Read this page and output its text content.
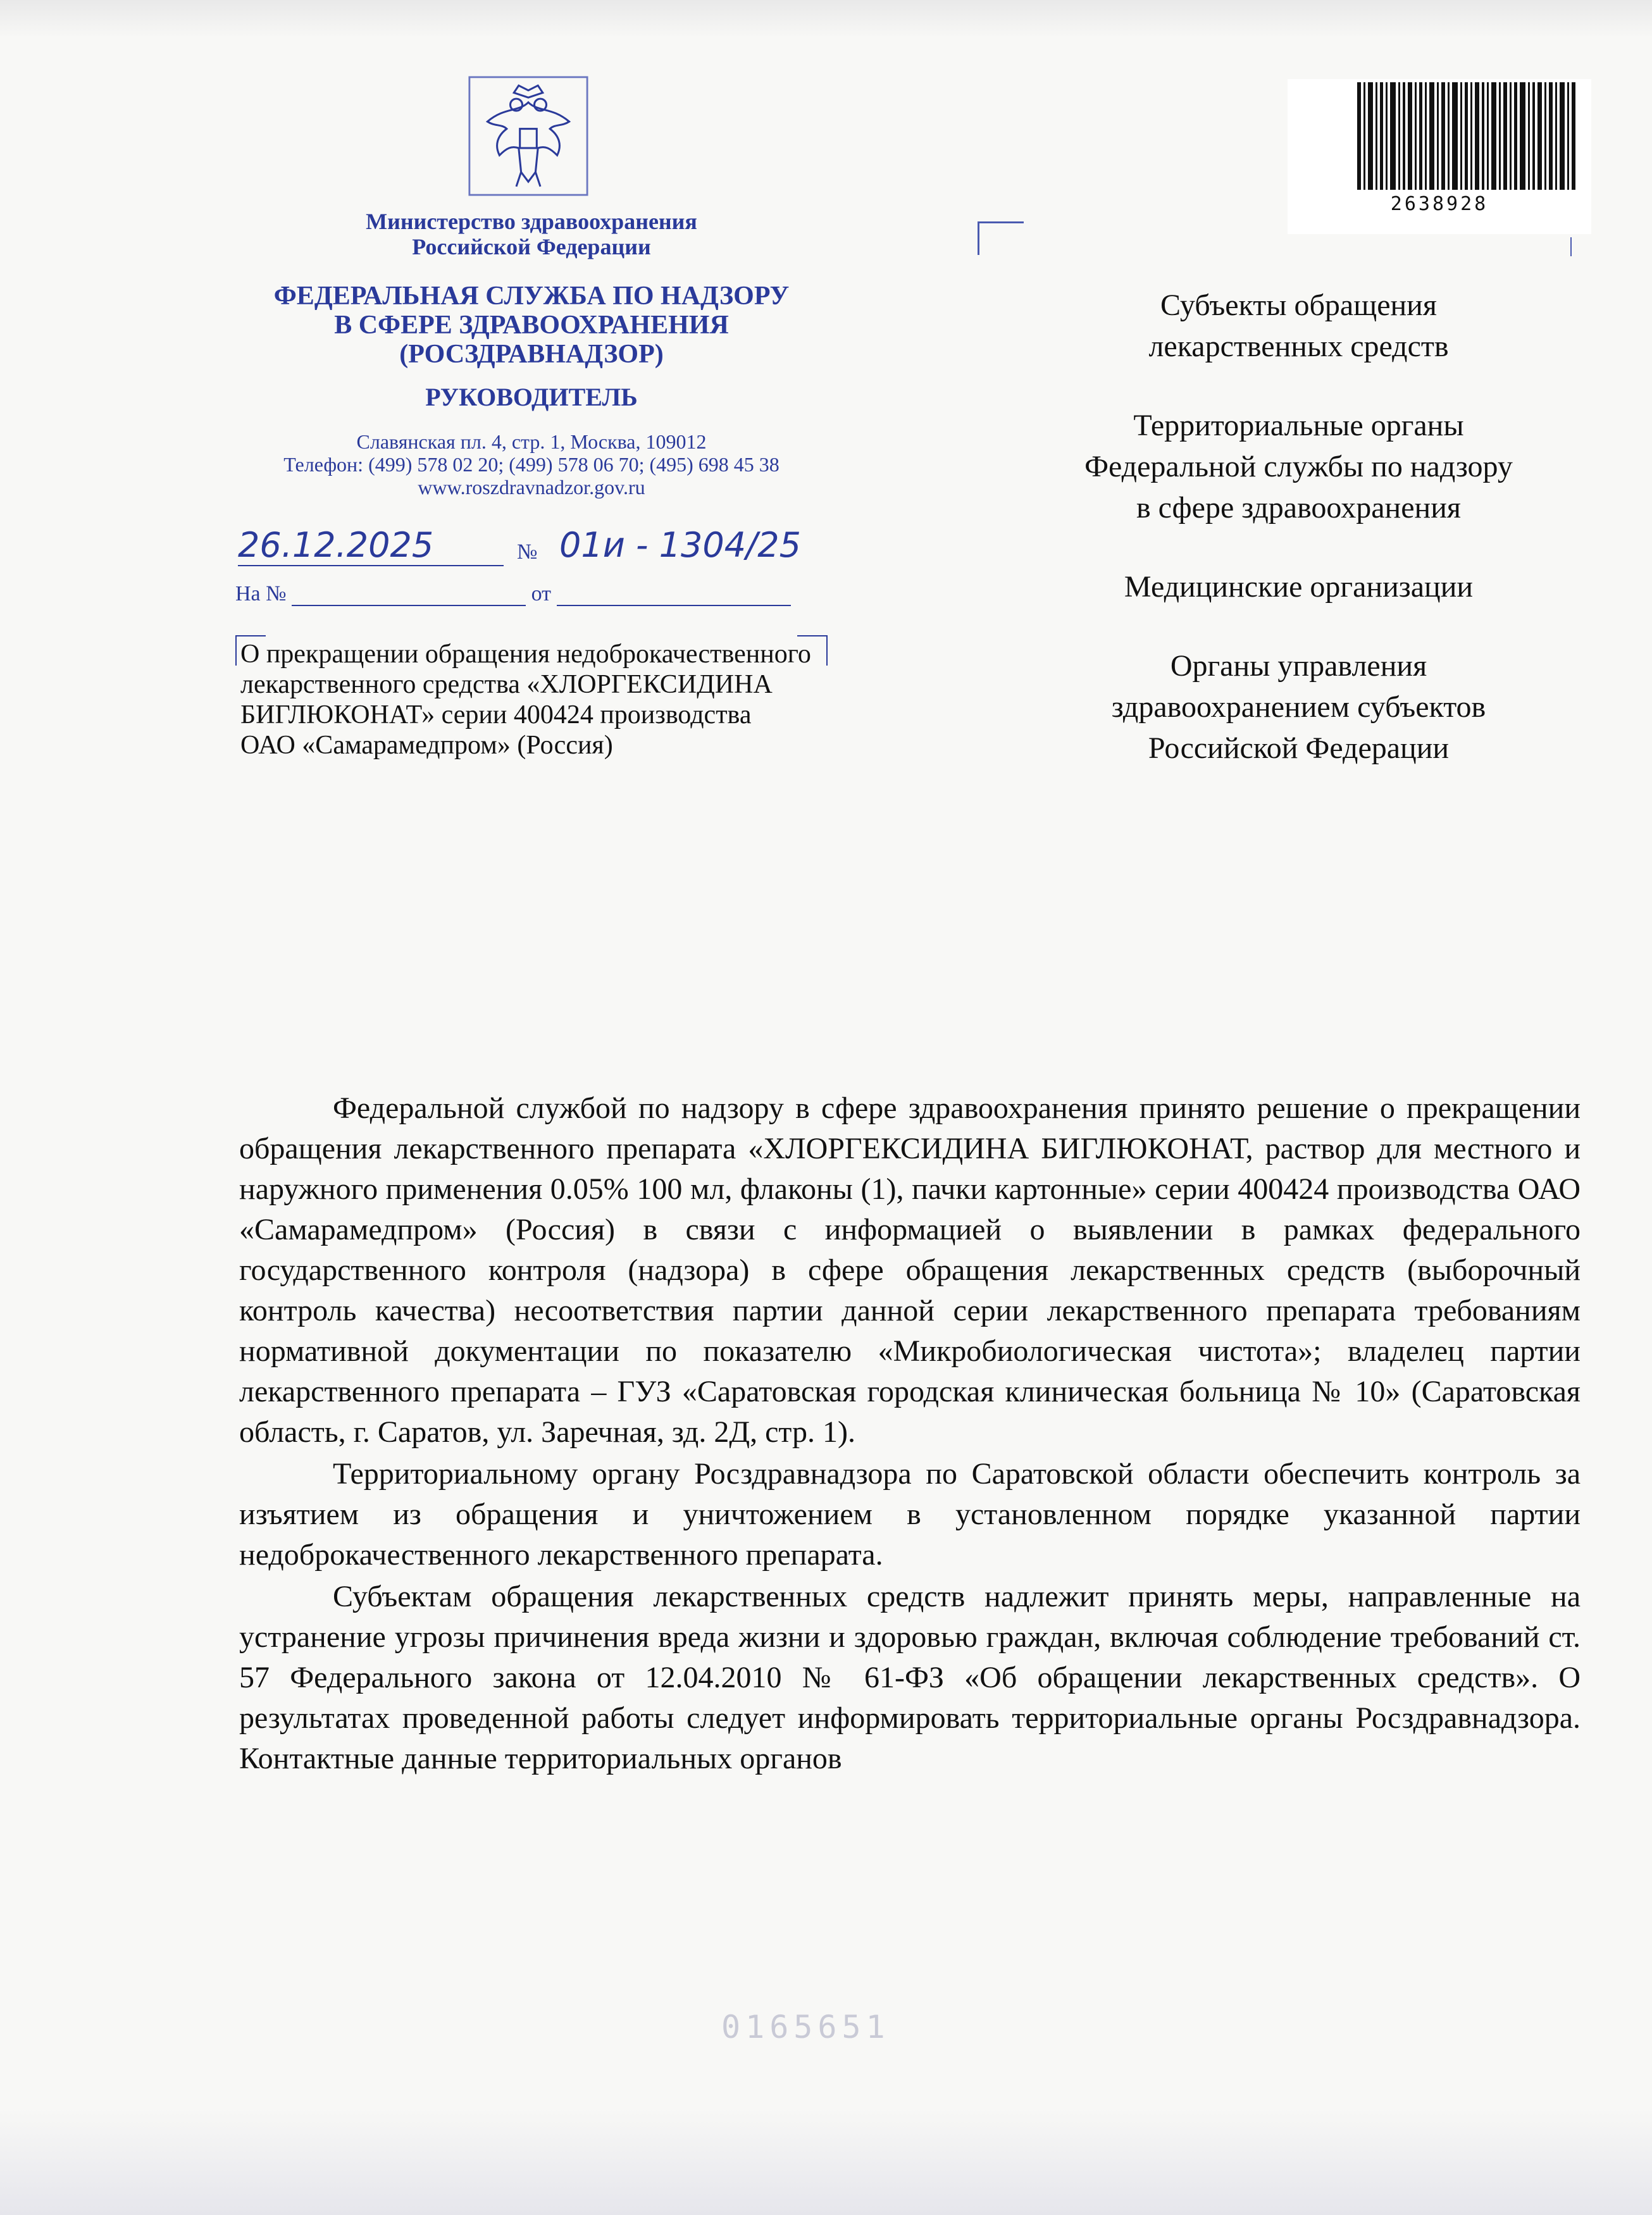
Министерство здравоохранения
Российской Федерации
ФЕДЕРАЛЬНАЯ СЛУЖБА ПО НАДЗОРУ
В СФЕРЕ ЗДРАВООХРАНЕНИЯ
(РОСЗДРАВНАДЗОР)
РУКОВОДИТЕЛЬ
Славянская пл. 4, стр. 1, Москва, 109012
Телефон: (499) 578 02 20; (499) 578 06 70; (495) 698 45 38
www.roszdravnadzor.gov.ru
26.12.2025	№ 01и - 1304/25
На №	от
О прекращении обращения недоброкачественного
лекарственного средства «ХЛОРГЕКСИДИНА
БИГЛЮКОНАТ» серии 400424 производства
ОАО «Самарамедпром» (Россия)
2638928
Субъекты обращения
лекарственных средств
Территориальные органы
Федеральной службы по надзору
в сфере здравоохранения
Медицинские организации
Органы управления
здравоохранением субъектов
Российской Федерации

Федеральной службой по надзору в сфере здравоохранения принято решение о прекращении обращения лекарственного препарата «ХЛОРГЕКСИДИНА БИГЛЮКОНАТ, раствор для местного и наружного применения 0.05% 100 мл, флаконы (1), пачки картонные» серии 400424 производства ОАО «Самарамедпром» (Россия) в связи с информацией о выявлении в рамках федерального государственного контроля (надзора) в сфере обращения лекарственных средств (выборочный контроль качества) несоответствия партии данной серии лекарственного препарата требованиям нормативной документации по показателю «Микробиологическая чистота»; владелец партии лекарственного препарата – ГУЗ «Саратовская городская клиническая больница № 10» (Саратовская область, г. Саратов, ул. Заречная, зд. 2Д, стр. 1).

Территориальному органу Росздравнадзора по Саратовской области обеспечить контроль за изъятием из обращения и уничтожением в установленном порядке указанной партии недоброкачественного лекарственного препарата.

Субъектам обращения лекарственных средств надлежит принять меры, направленные на устранение угрозы причинения вреда жизни и здоровью граждан, включая соблюдение требований ст. 57 Федерального закона от 12.04.2010 № 61-ФЗ «Об обращении лекарственных средств». О результатах проведенной работы следует информировать территориальные органы Росздравнадзора. Контактные данные территориальных органов

0165651
